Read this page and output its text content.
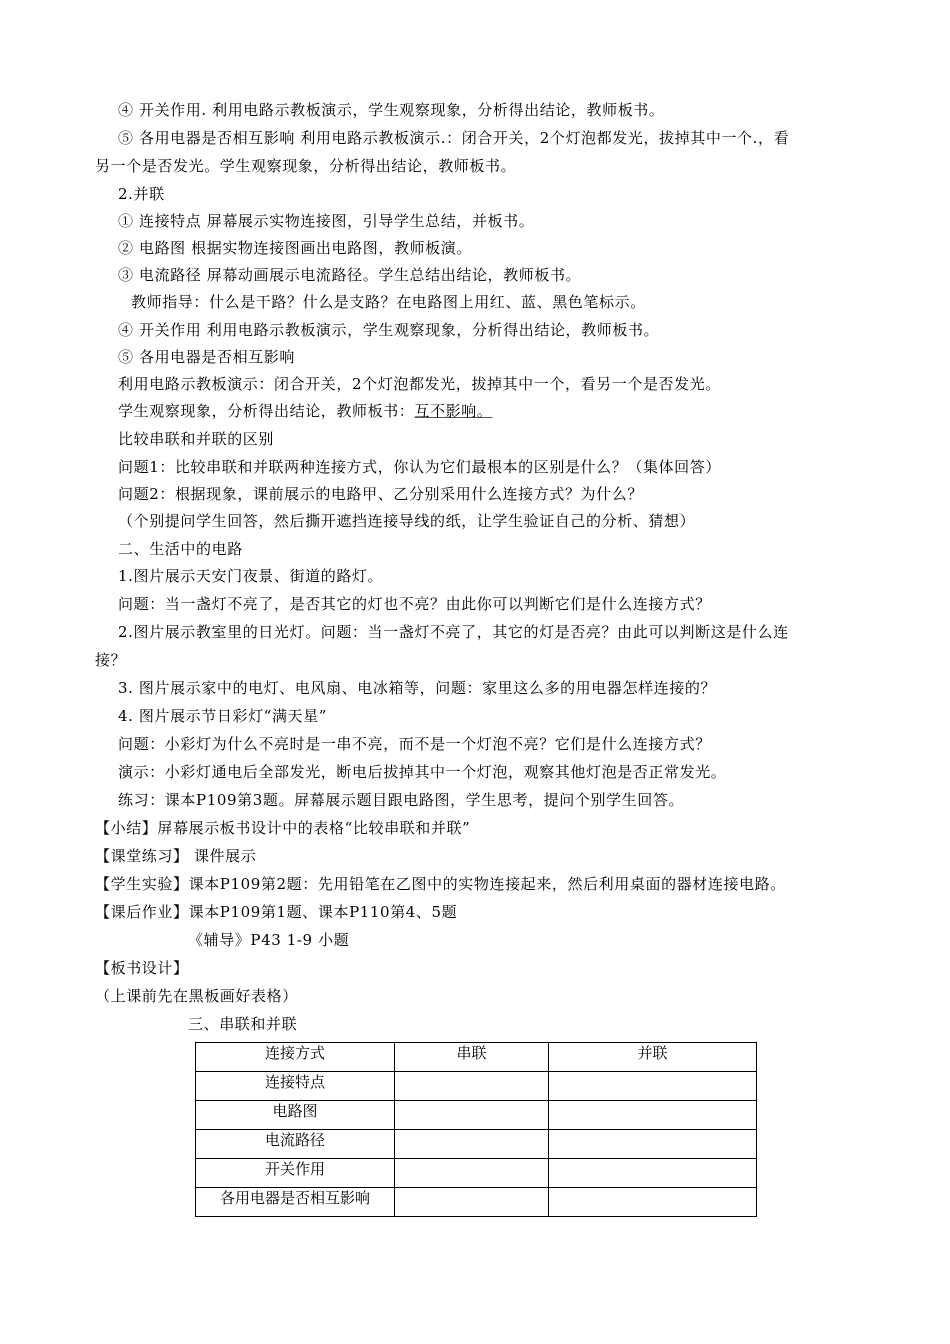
④ 开关作用. 利用电路示教板演示，学生观察现象，分析得出结论，教师板书。
⑤ 各用电器是否相互影响 利用电路示教板演示.：闭合开关，2个灯泡都发光，拔掉其中一个.，看
另一个是否发光。学生观察现象，分析得出结论，教师板书。
2.并联
① 连接特点 屏幕展示实物连接图，引导学生总结，并板书。
② 电路图 根据实物连接图画出电路图，教师板演。
③ 电流路径 屏幕动画展示电流路径。学生总结出结论，教师板书。
教师指导：什么是干路？什么是支路？在电路图上用红、蓝、黑色笔标示。
④ 开关作用 利用电路示教板演示，学生观察现象，分析得出结论，教师板书。
⑤ 各用电器是否相互影响
利用电路示教板演示：闭合开关，2个灯泡都发光，拔掉其中一个，看另一个是否发光。
学生观察现象，分析得出结论，教师板书：互不影响。
比较串联和并联的区别
问题1：比较串联和并联两种连接方式，你认为它们最根本的区别是什么？（集体回答）
问题2：根据现象，课前展示的电路甲、乙分别采用什么连接方式？为什么？
（个别提问学生回答，然后撕开遮挡连接导线的纸，让学生验证自己的分析、猜想）
二、生活中的电路
1.图片展示天安门夜景、街道的路灯。
问题：当一盏灯不亮了，是否其它的灯也不亮？由此你可以判断它们是什么连接方式？
2.图片展示教室里的日光灯。问题：当一盏灯不亮了，其它的灯是否亮？由此可以判断这是什么连
接？
3. 图片展示家中的电灯、电风扇、电冰箱等，问题：家里这么多的用电器怎样连接的？
4. 图片展示节日彩灯“满天星”
问题：小彩灯为什么不亮时是一串不亮，而不是一个灯泡不亮？它们是什么连接方式？
演示：小彩灯通电后全部发光，断电后拔掉其中一个灯泡，观察其他灯泡是否正常发光。
练习：课本P109第3题。屏幕展示题目跟电路图，学生思考，提问个别学生回答。
【小结】屏幕展示板书设计中的表格“比较串联和并联”
【课堂练习】 课件展示
【学生实验】课本P109第2题：先用铅笔在乙图中的实物连接起来，然后利用桌面的器材连接电路。
【课后作业】课本P109第1题、课本P110第4、5题
《辅导》P43 1-9 小题
【板书设计】
（上课前先在黑板画好表格）
三、串联和并联
连接方式	串联	并联
连接特点		
电路图		
电流路径		
开关作用		
各用电器是否相互影响		
